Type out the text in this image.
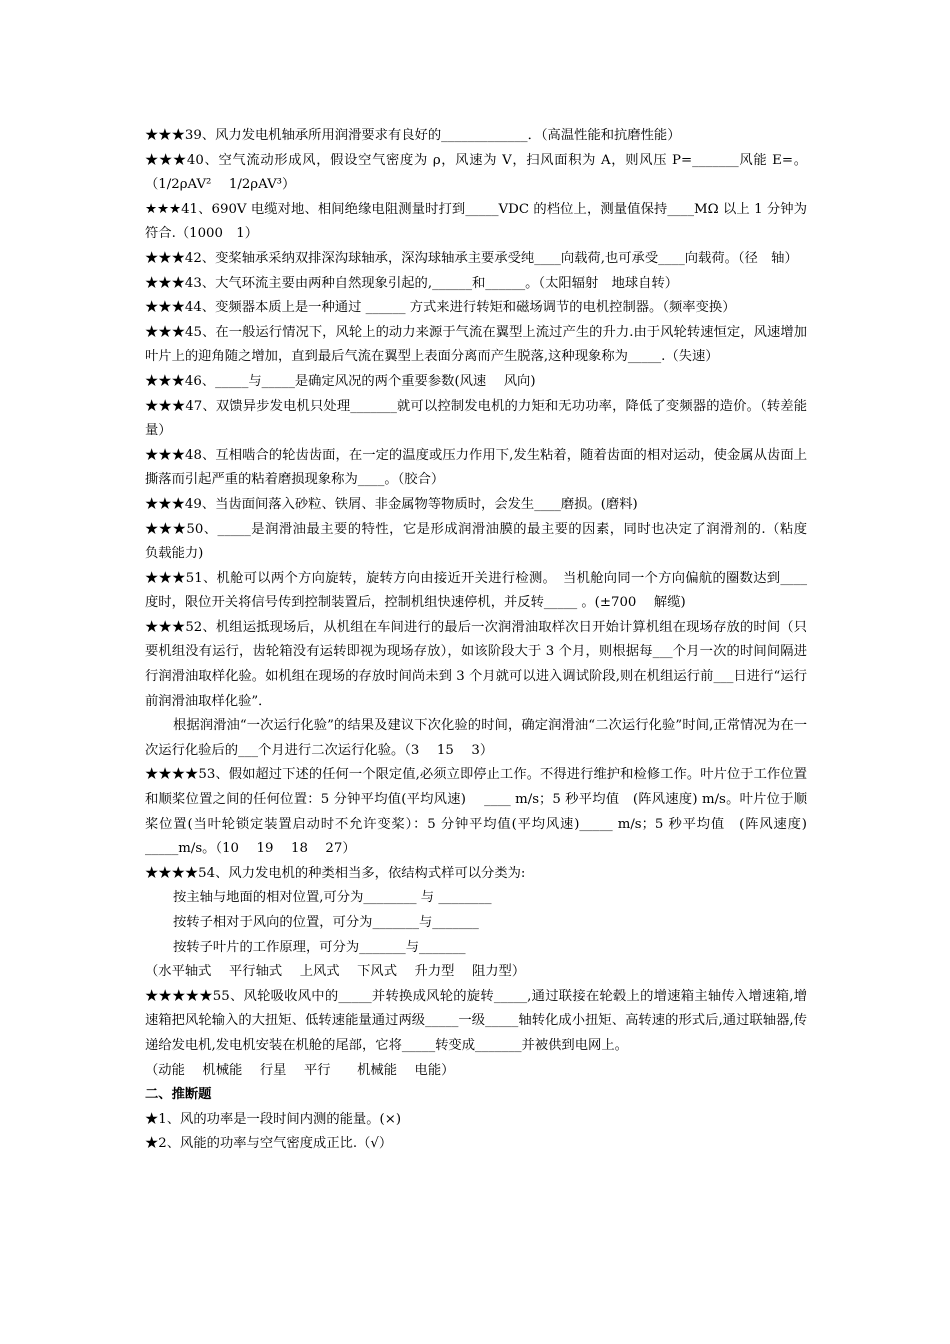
★★★39、风力发电机轴承所用润滑要求有良好的_____________．（高温性能和抗磨性能）

★★★40、空气流动形成风，假设空气密度为 ρ，风速为 V，扫风面积为 A，则风压 P=_______风能 E=。（1/2ρAV²　 1/2ρAV³）

★★★41、690V 电缆对地、相间绝缘电阻测量时打到_____VDC 的档位上，测量值保持____MΩ 以上 1 分钟为符合.（1000　1）

★★★42、变桨轴承采纳双排深沟球轴承，深沟球轴承主要承受纯____向载荷,也可承受____向载荷。（径　轴）

★★★43、大气环流主要由两种自然现象引起的,______和______。（太阳辐射　地球自转）

★★★44、变频器本质上是一种通过 ______ 方式来进行转矩和磁场调节的电机控制器。（频率变换）

★★★45、在一般运行情况下，风轮上的动力来源于气流在翼型上流过产生的升力.由于风轮转速恒定，风速增加叶片上的迎角随之增加，直到最后气流在翼型上表面分离而产生脱落,这种现象称为_____.（失速）

★★★46、_____与_____是确定风况的两个重要参数(风速　 风向)

★★★47、双馈异步发电机只处理_______就可以控制发电机的力矩和无功功率，降低了变频器的造价。（转差能量）

★★★48、互相啮合的轮齿齿面，在一定的温度或压力作用下,发生粘着，随着齿面的相对运动，使金属从齿面上撕落而引起严重的粘着磨损现象称为____。（胶合）

★★★49、当齿面间落入砂粒、铁屑、非金属物等物质时，会发生____磨损。(磨料)

★★★50、_____是润滑油最主要的特性，它是形成润滑油膜的最主要的因素，同时也决定了润滑剂的.（粘度　 负载能力)

★★★51、机舱可以两个方向旋转，旋转方向由接近开关进行检测。　当机舱向同一个方向偏航的圈数达到____　度时，限位开关将信号传到控制装置后，控制机组快速停机，并反转_____ 。(±700　 解缆)

★★★52、机组运抵现场后，从机组在车间进行的最后一次润滑油取样次日开始计算机组在现场存放的时间（只要机组没有运行，齿轮箱没有运转即视为现场存放），如该阶段大于 3 个月，则根据每___个月一次的时间间隔进行润滑油取样化验。如机组在现场的存放时间尚未到 3 个月就可以进入调试阶段,则在机组运行前___日进行“运行前润滑油取样化验”．

根据润滑油“一次运行化验”的结果及建议下次化验的时间，确定润滑油“二次运行化验”时间,正常情况为在一次运行化验后的___个月进行二次运行化验。（3　 15　 3）

★★★★53、假如超过下述的任何一个限定值,必须立即停止工作。不得进行维护和检修工作。叶片位于工作位置和顺桨位置之间的任何位置：5 分钟平均值(平均风速)　 ____ m/s；5 秒平均值　(阵风速度) m/s。叶片位于顺桨位置(当叶轮锁定装置启动时不允许变桨）：5 分钟平均值(平均风速)_____ m/s；5 秒平均值　(阵风速度) _____m/s。（10　 19　 18　 27）

★★★★54、风力发电机的种类相当多，依结构式样可以分类为:

按主轴与地面的相对位置,可分为________ 与 ________

按转子相对于风向的位置，可分为_______与_______

按转子叶片的工作原理，可分为_______与_______

（水平轴式　 平行轴式　 上风式　 下风式　 升力型　 阻力型）

★★★★★55、风轮吸收风中的_____并转换成风轮的旋转_____,通过联接在轮毂上的增速箱主轴传入增速箱,增速箱把风轮输入的大扭矩、低转速能量通过两级_____一级_____轴转化成小扭矩、高转速的形式后,通过联轴器,传递给发电机,发电机安装在机舱的尾部，它将_____转变成_______并被供到电网上。

（动能　 机械能　 行星　 平行　　机械能　 电能）

二、推断题

★1、风的功率是一段时间内测的能量。(×)

★2、风能的功率与空气密度成正比.（√）
